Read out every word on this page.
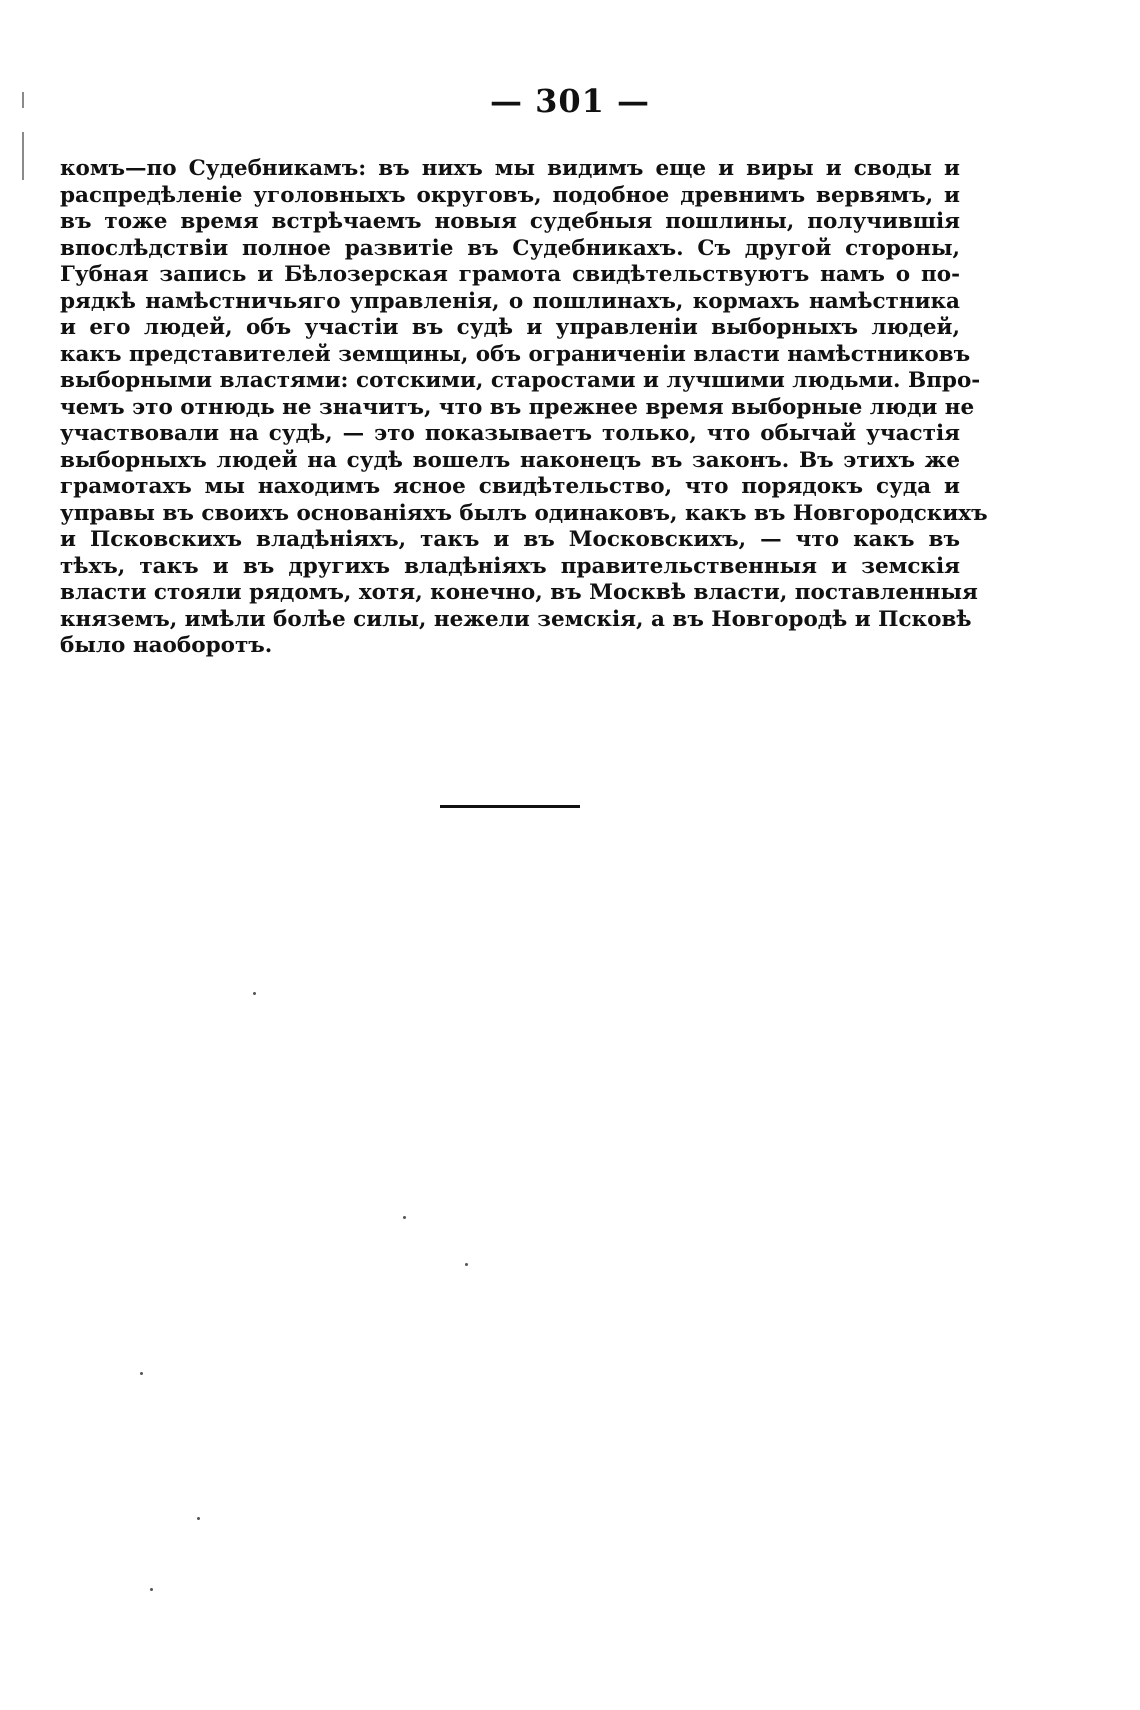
— 301 —
комъ—по Судебникамъ: въ нихъ мы видимъ еще и виры и своды и
распредѣленіе уголовныхъ округовъ, подобное древнимъ вервямъ, и
въ тоже время встрѣчаемъ новыя судебныя пошлины, получившія
впослѣдствіи полное развитіе въ Судебникахъ. Съ другой стороны,
Губная запись и Бѣлозерская грамота свидѣтельствуютъ намъ о по-
рядкѣ намѣстничьяго управленія, о пошлинахъ, кормахъ намѣстника
и его людей, объ участіи въ судѣ и управленіи выборныхъ людей,
какъ представителей земщины, объ ограниченіи власти намѣстниковъ
выборными властями: сотскими, старостами и лучшими людьми. Впро-
чемъ это отнюдь не значитъ, что въ прежнее время выборные люди не
участвовали на судѣ, — это показываетъ только, что обычай участія
выборныхъ людей на судѣ вошелъ наконецъ въ законъ. Въ этихъ же
грамотахъ мы находимъ ясное свидѣтельство, что порядокъ суда и
управы въ своихъ основаніяхъ былъ одинаковъ, какъ въ Новгородскихъ
и Псковскихъ владѣніяхъ, такъ и въ Московскихъ, — что какъ въ
тѣхъ, такъ и въ другихъ владѣніяхъ правительственныя и земскія
власти стояли рядомъ, хотя, конечно, въ Москвѣ власти, поставленныя
княземъ, имѣли болѣе силы, нежели земскія, а въ Новгородѣ и Псковѣ
было наоборотъ.
